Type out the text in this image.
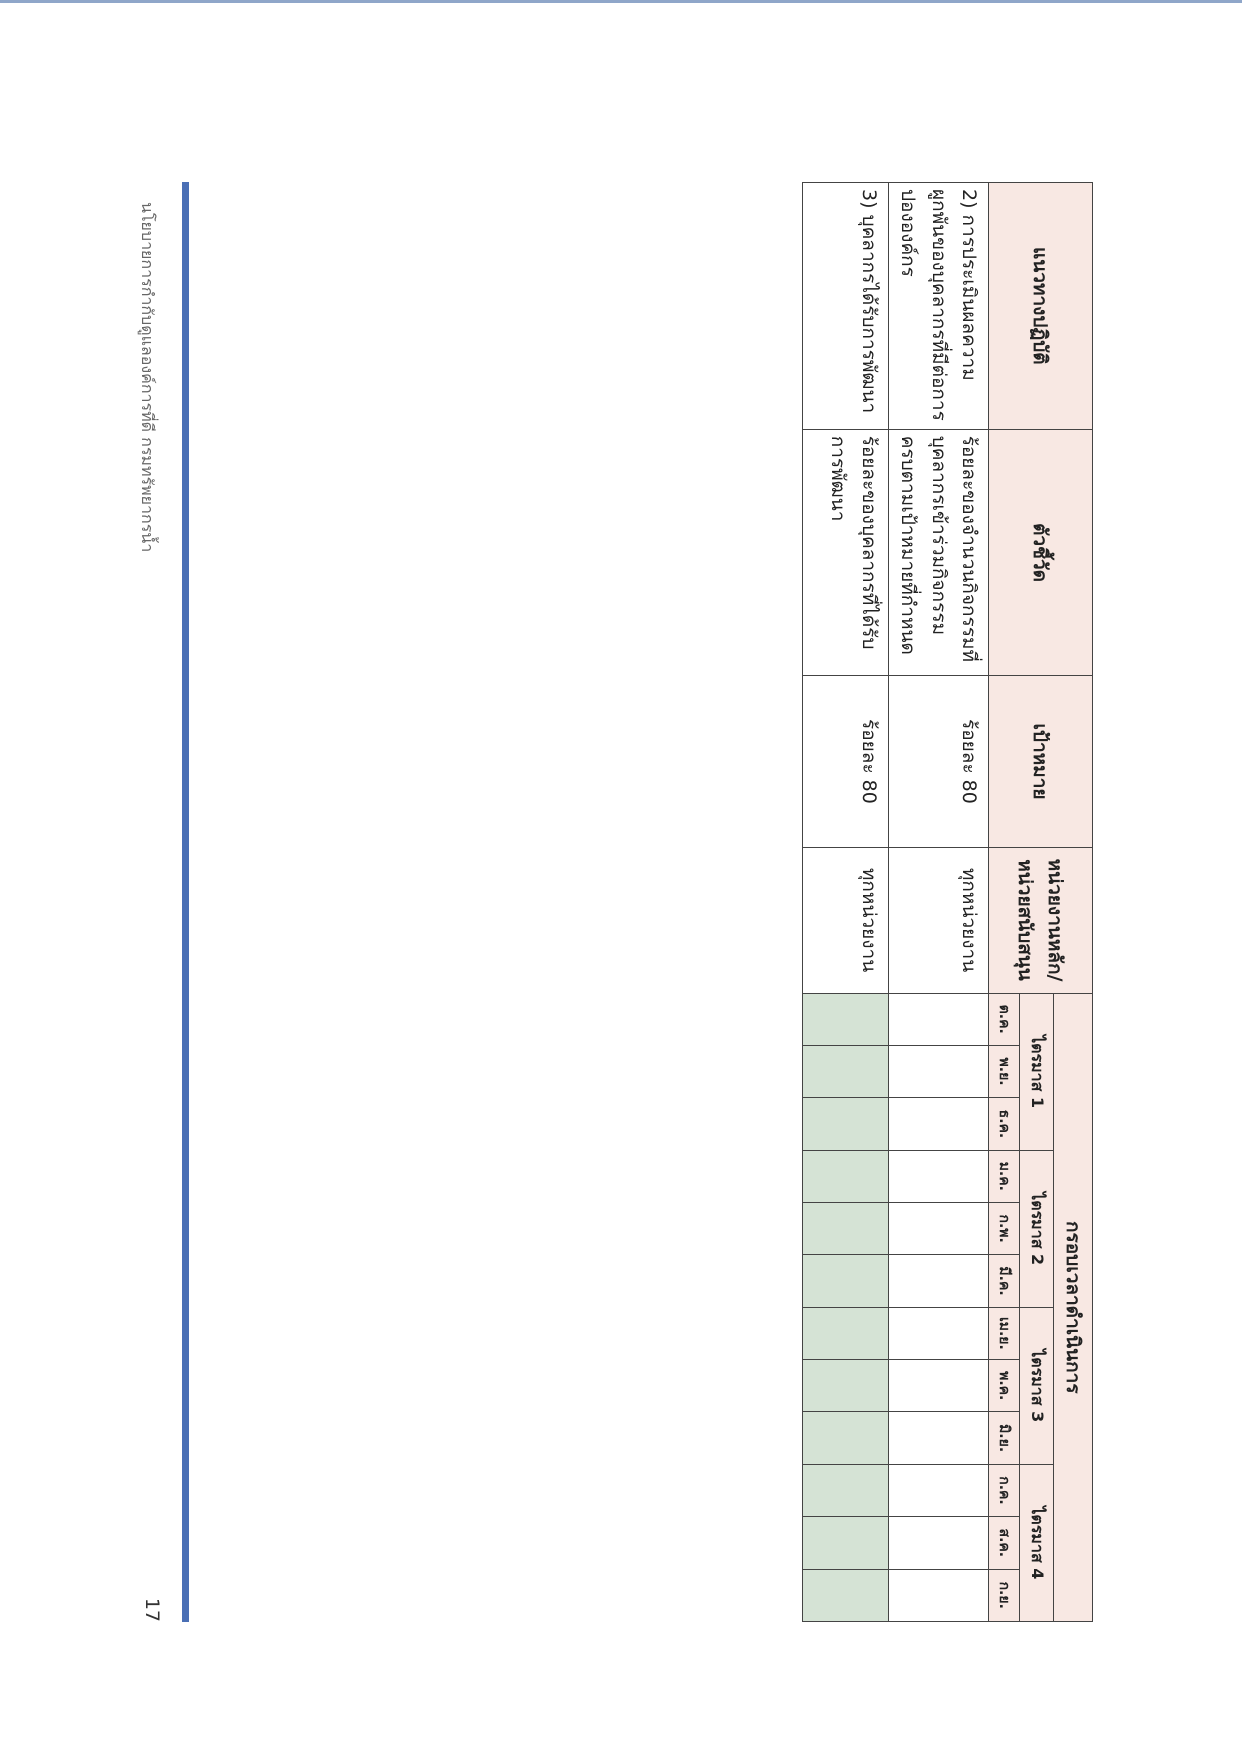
แนวทางปฏิบัติ	ตัวชี้วัด	เป้าหมาย	หน่วยงานหลัก/หน่วยสนับสนุน	กรอบเวลาดำเนินการ											
				ไตรมาส 1			ไตรมาส 2			ไตรมาส 3			ไตรมาส 4		
				ต.ค.	พ.ย.	ธ.ค.	ม.ค.	ก.พ.	มี.ค.	เม.ย.	พ.ค.	มิ.ย.	ก.ค.	ส.ค.	ก.ย.
2) การประเมินผลความผูกพันของบุคลากรที่มีต่อการปององค์กร	ร้อยละของจำนวนกิจกรรมที่บุคลากรเข้าร่วมกิจกรรมครบตามเป้าหมายที่กำหนด	ร้อยละ 80	ทุกหน่วยงาน												
3) บุคลากรได้รับการพัฒนา	ร้อยละของบุคลากรที่ได้รับการพัฒนา	ร้อยละ 80	ทุกหน่วยงาน												
นโยบายการกำกับดูแลองค์การที่ดี กรมทรัพยากรน้ำ
17
